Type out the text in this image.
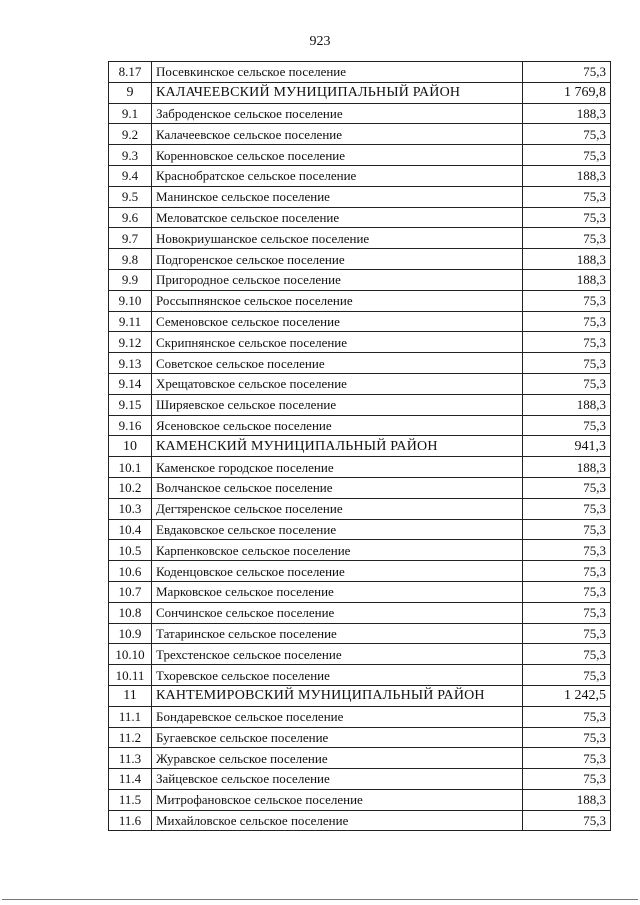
923
8.17	Посевкинское сельское поселение	75,3
9	КАЛАЧЕЕВСКИЙ МУНИЦИПАЛЬНЫЙ РАЙОН	1 769,8
9.1	Заброденское сельское поселение	188,3
9.2	Калачеевское сельское поселение	75,3
9.3	Коренновское сельское поселение	75,3
9.4	Краснобратское сельское поселение	188,3
9.5	Манинское сельское поселение	75,3
9.6	Меловатское сельское поселение	75,3
9.7	Новокриушанское сельское поселение	75,3
9.8	Подгоренское сельское поселение	188,3
9.9	Пригородное сельское поселение	188,3
9.10	Россыпнянское сельское поселение	75,3
9.11	Семеновское сельское поселение	75,3
9.12	Скрипнянское сельское поселение	75,3
9.13	Советское сельское поселение	75,3
9.14	Хрещатовское сельское поселение	75,3
9.15	Ширяевское сельское поселение	188,3
9.16	Ясеновское сельское поселение	75,3
10	КАМЕНСКИЙ МУНИЦИПАЛЬНЫЙ РАЙОН	941,3
10.1	Каменское городское поселение	188,3
10.2	Волчанское сельское поселение	75,3
10.3	Дегтяренское сельское поселение	75,3
10.4	Евдаковское сельское поселение	75,3
10.5	Карпенковское сельское поселение	75,3
10.6	Коденцовское сельское поселение	75,3
10.7	Марковское сельское поселение	75,3
10.8	Сончинское сельское поселение	75,3
10.9	Татаринское сельское поселение	75,3
10.10	Трехстенское сельское поселение	75,3
10.11	Тхоревское сельское поселение	75,3
11	КАНТЕМИРОВСКИЙ МУНИЦИПАЛЬНЫЙ РАЙОН	1 242,5
11.1	Бондаревское сельское поселение	75,3
11.2	Бугаевское сельское поселение	75,3
11.3	Журавское сельское поселение	75,3
11.4	Зайцевское сельское поселение	75,3
11.5	Митрофановское сельское поселение	188,3
11.6	Михайловское сельское поселение	75,3
